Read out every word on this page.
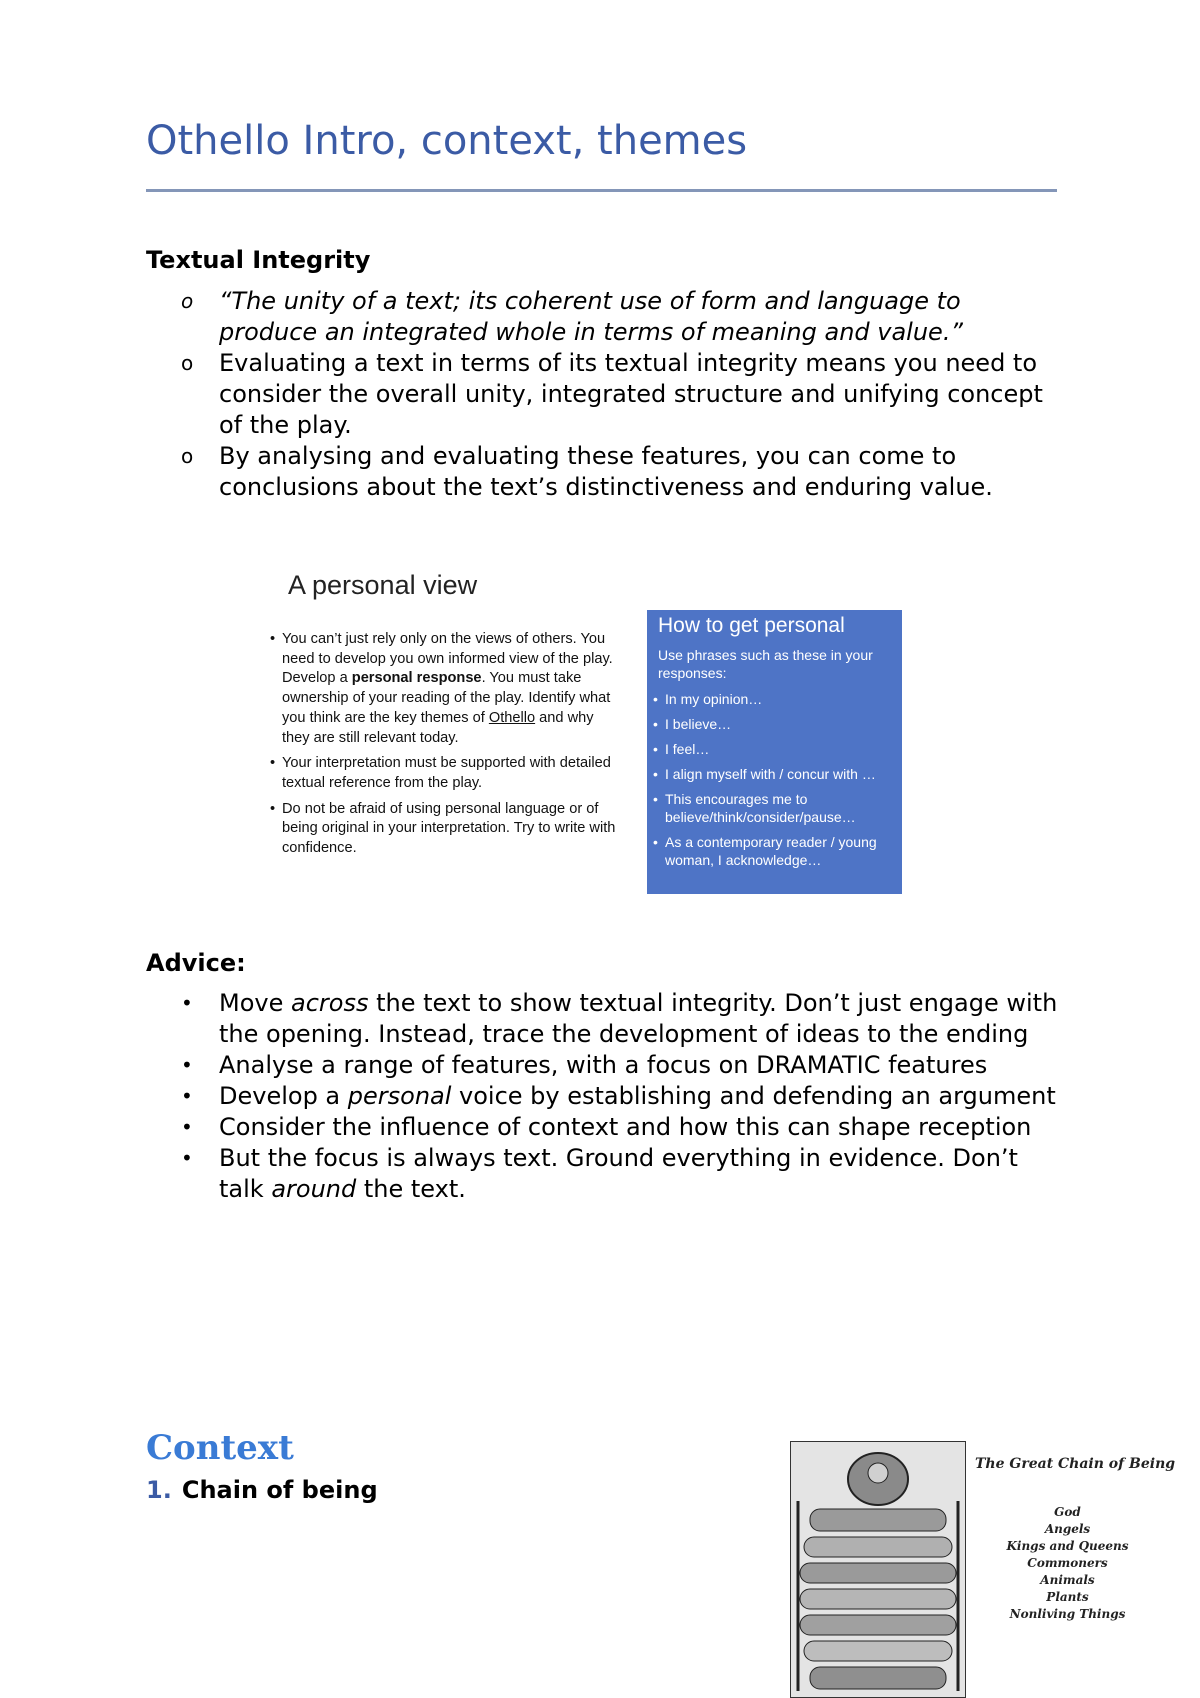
Othello Intro, context, themes
Textual Integrity
o “The unity of a text; its coherent use of form and language to produce an integrated whole in terms of meaning and value.”
o Evaluating a text in terms of its textual integrity means you need to consider the overall unity, integrated structure and unifying concept of the play.
o By analysing and evaluating these features, you can come to conclusions about the text’s distinctiveness and enduring value.
A personal view
• You can’t just rely only on the views of others. You need to develop you own informed view of the play. Develop a personal response. You must take ownership of your reading of the play. Identify what you think are the key themes of Othello and why they are still relevant today.
• Your interpretation must be supported with detailed textual reference from the play.
• Do not be afraid of using personal language or of being original in your interpretation. Try to write with confidence.
How to get personal
Use phrases such as these in your responses:
• In my opinion…
• I believe…
• I feel…
• I align myself with / concur with …
• This encourages me to believe/think/consider/pause…
• As a contemporary reader / young woman, I acknowledge…
Advice:
• Move across the text to show textual integrity. Don’t just engage with the opening. Instead, trace the development of ideas to the ending
• Analyse a range of features, with a focus on DRAMATIC features
• Develop a personal voice by establishing and defending an argument
• Consider the influence of context and how this can shape reception
• But the focus is always text. Ground everything in evidence. Don’t talk around the text.
Context
1. Chain of being
The Great Chain of Being
God
Angels
Kings and Queens
Commoners
Animals
Plants
Nonliving Things
